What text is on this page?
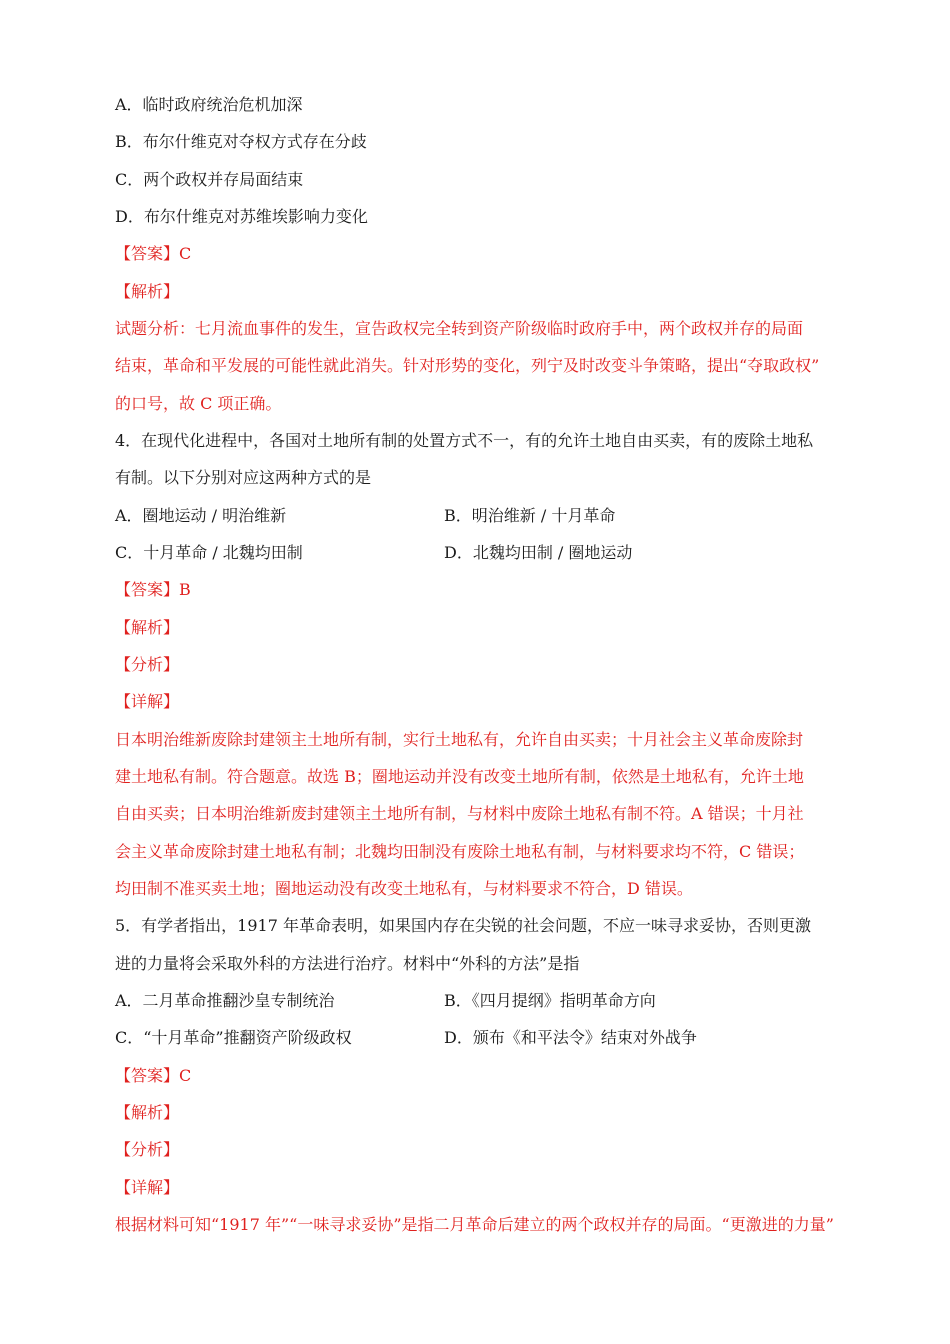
A．临时政府统治危机加深
B．布尔什维克对夺权方式存在分歧
C．两个政权并存局面结束
D．布尔什维克对苏维埃影响力变化
【答案】C
【解析】
试题分析：七月流血事件的发生，宣告政权完全转到资产阶级临时政府手中，两个政权并存的局面
结束，革命和平发展的可能性就此消失。针对形势的变化，列宁及时改变斗争策略，提出“夺取政权”
的口号，故 C 项正确。
4．在现代化进程中，各国对土地所有制的处置方式不一，有的允许土地自由买卖，有的废除土地私
有制。以下分别对应这两种方式的是
A．圈地运动 / 明治维新	B．明治维新 / 十月革命
C．十月革命 / 北魏均田制	D．北魏均田制 / 圈地运动
【答案】B
【解析】
【分析】
【详解】
日本明治维新废除封建领主土地所有制，实行土地私有，允许自由买卖；十月社会主义革命废除封
建土地私有制。符合题意。故选 B；圈地运动并没有改变土地所有制，依然是土地私有，允许土地
自由买卖；日本明治维新废封建领主土地所有制，与材料中废除土地私有制不符。A 错误；十月社
会主义革命废除封建土地私有制；北魏均田制没有废除土地私有制，与材料要求均不符，C 错误；
均田制不准买卖土地；圈地运动没有改变土地私有，与材料要求不符合，D 错误。
5．有学者指出，1917 年革命表明，如果国内存在尖锐的社会问题，不应一味寻求妥协，否则更激
进的力量将会采取外科的方法进行治疗。材料中“外科的方法”是指
A．二月革命推翻沙皇专制统治	B．《四月提纲》指明革命方向
C．“十月革命”推翻资产阶级政权	D．颁布《和平法令》结束对外战争
【答案】C
【解析】
【分析】
【详解】
根据材料可知“1917 年”“一味寻求妥协”是指二月革命后建立的两个政权并存的局面。“更激进的力量”
